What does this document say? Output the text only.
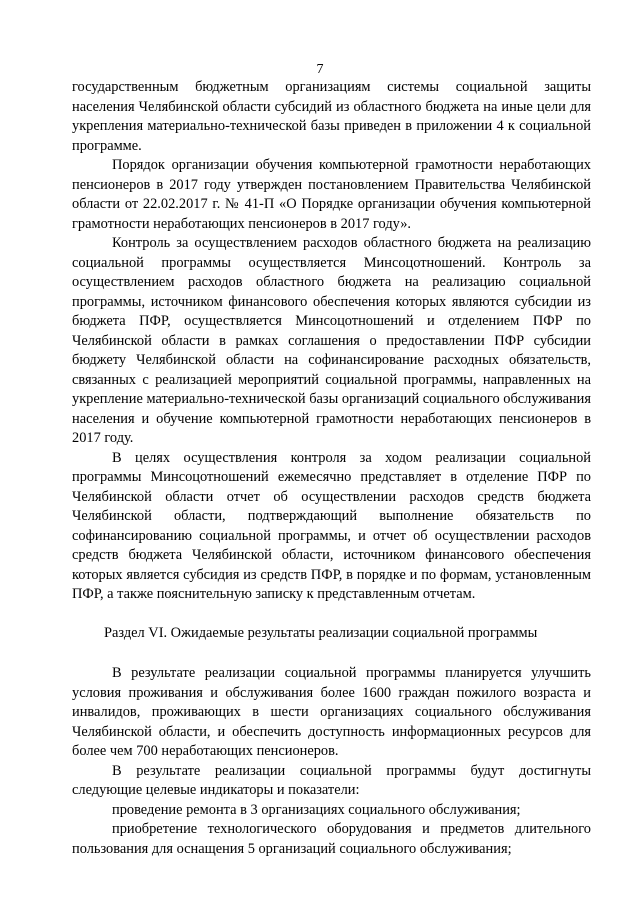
7

государственным бюджетным организациям системы социальной защиты населения Челябинской области субсидий из областного бюджета на иные цели для укрепления материально-технической базы приведен в приложении 4 к социальной программе.

Порядок организации обучения компьютерной грамотности неработающих пенсионеров в 2017 году утвержден постановлением Правительства Челябинской области от 22.02.2017 г. № 41-П «О Порядке организации обучения компьютерной грамотности неработающих пенсионеров в 2017 году».

Контроль за осуществлением расходов областного бюджета на реализацию социальной программы осуществляется Минсоцотношений. Контроль за осуществлением расходов областного бюджета на реализацию социальной программы, источником финансового обеспечения которых являются субсидии из бюджета ПФР, осуществляется Минсоцотношений и отделением ПФР по Челябинской области в рамках соглашения о предоставлении ПФР субсидии бюджету Челябинской области на софинансирование расходных обязательств, связанных с реализацией мероприятий социальной программы, направленных на укрепление материально-технической базы организаций социального обслуживания населения и обучение компьютерной грамотности неработающих пенсионеров в 2017 году.

В целях осуществления контроля за ходом реализации социальной программы Минсоцотношений ежемесячно представляет в отделение ПФР по Челябинской области отчет об осуществлении расходов средств бюджета Челябинской области, подтверждающий выполнение обязательств по софинансированию социальной программы, и отчет об осуществлении расходов средств бюджета Челябинской области, источником финансового обеспечения которых является субсидия из средств ПФР, в порядке и по формам, установленным ПФР, а также пояснительную записку к представленным отчетам.

Раздел VI. Ожидаемые результаты реализации социальной программы

В результате реализации социальной программы планируется улучшить условия проживания и обслуживания более 1600 граждан пожилого возраста и инвалидов, проживающих в шести организациях социального обслуживания Челябинской области, и обеспечить доступность информационных ресурсов для более чем 700 неработающих пенсионеров.

В результате реализации социальной программы будут достигнуты следующие целевые индикаторы и показатели:

проведение ремонта в 3 организациях социального обслуживания;

приобретение технологического оборудования и предметов длительного пользования для оснащения 5 организаций социального обслуживания;
